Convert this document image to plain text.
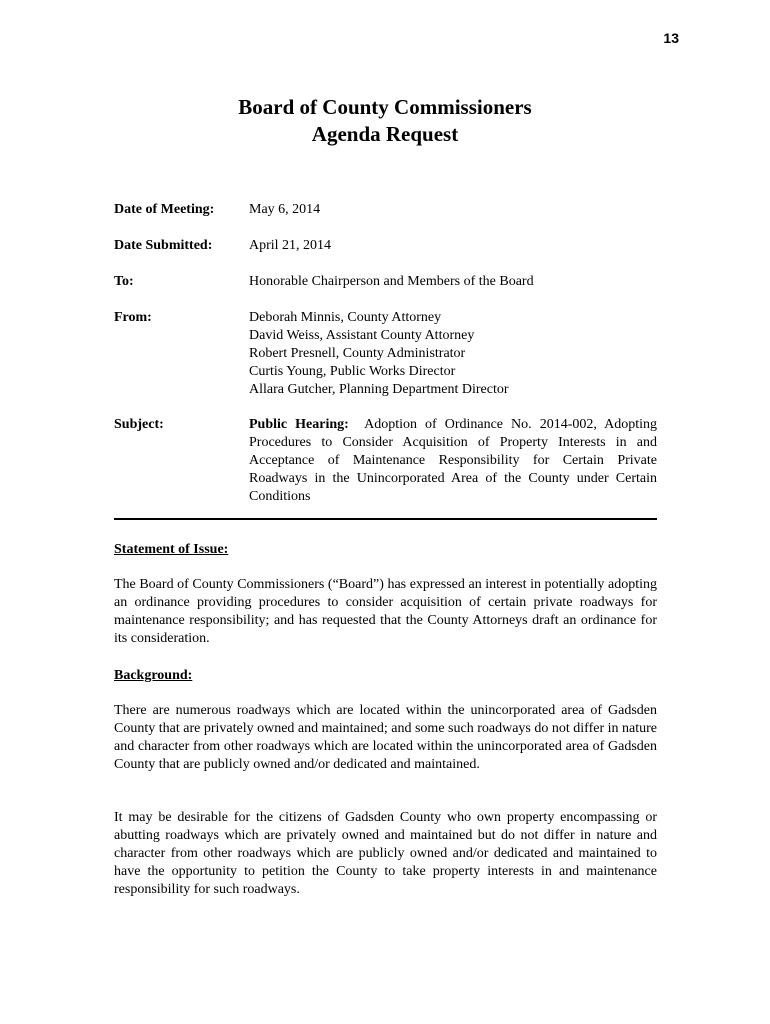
13
Board of County Commissioners
Agenda Request
Date of Meeting: May 6, 2014
Date Submitted:	April 21, 2014
To:	Honorable Chairperson and Members of the Board
From:	Deborah Minnis, County Attorney
David Weiss, Assistant County Attorney
Robert Presnell, County Administrator
Curtis Young, Public Works Director
Allara Gutcher, Planning Department Director
Subject:	Public Hearing: Adoption of Ordinance No. 2014-002, Adopting Procedures to Consider Acquisition of Property Interests in and Acceptance of Maintenance Responsibility for Certain Private Roadways in the Unincorporated Area of the County under Certain Conditions
Statement of Issue:
The Board of County Commissioners (“Board”) has expressed an interest in potentially adopting an ordinance providing procedures to consider acquisition of certain private roadways for maintenance responsibility; and has requested that the County Attorneys draft an ordinance for its consideration.
Background:
There are numerous roadways which are located within the unincorporated area of Gadsden County that are privately owned and maintained; and some such roadways do not differ in nature and character from other roadways which are located within the unincorporated area of Gadsden County that are publicly owned and/or dedicated and maintained.
It may be desirable for the citizens of Gadsden County who own property encompassing or abutting roadways which are privately owned and maintained but do not differ in nature and character from other roadways which are publicly owned and/or dedicated and maintained to have the opportunity to petition the County to take property interests in and maintenance responsibility for such roadways.
